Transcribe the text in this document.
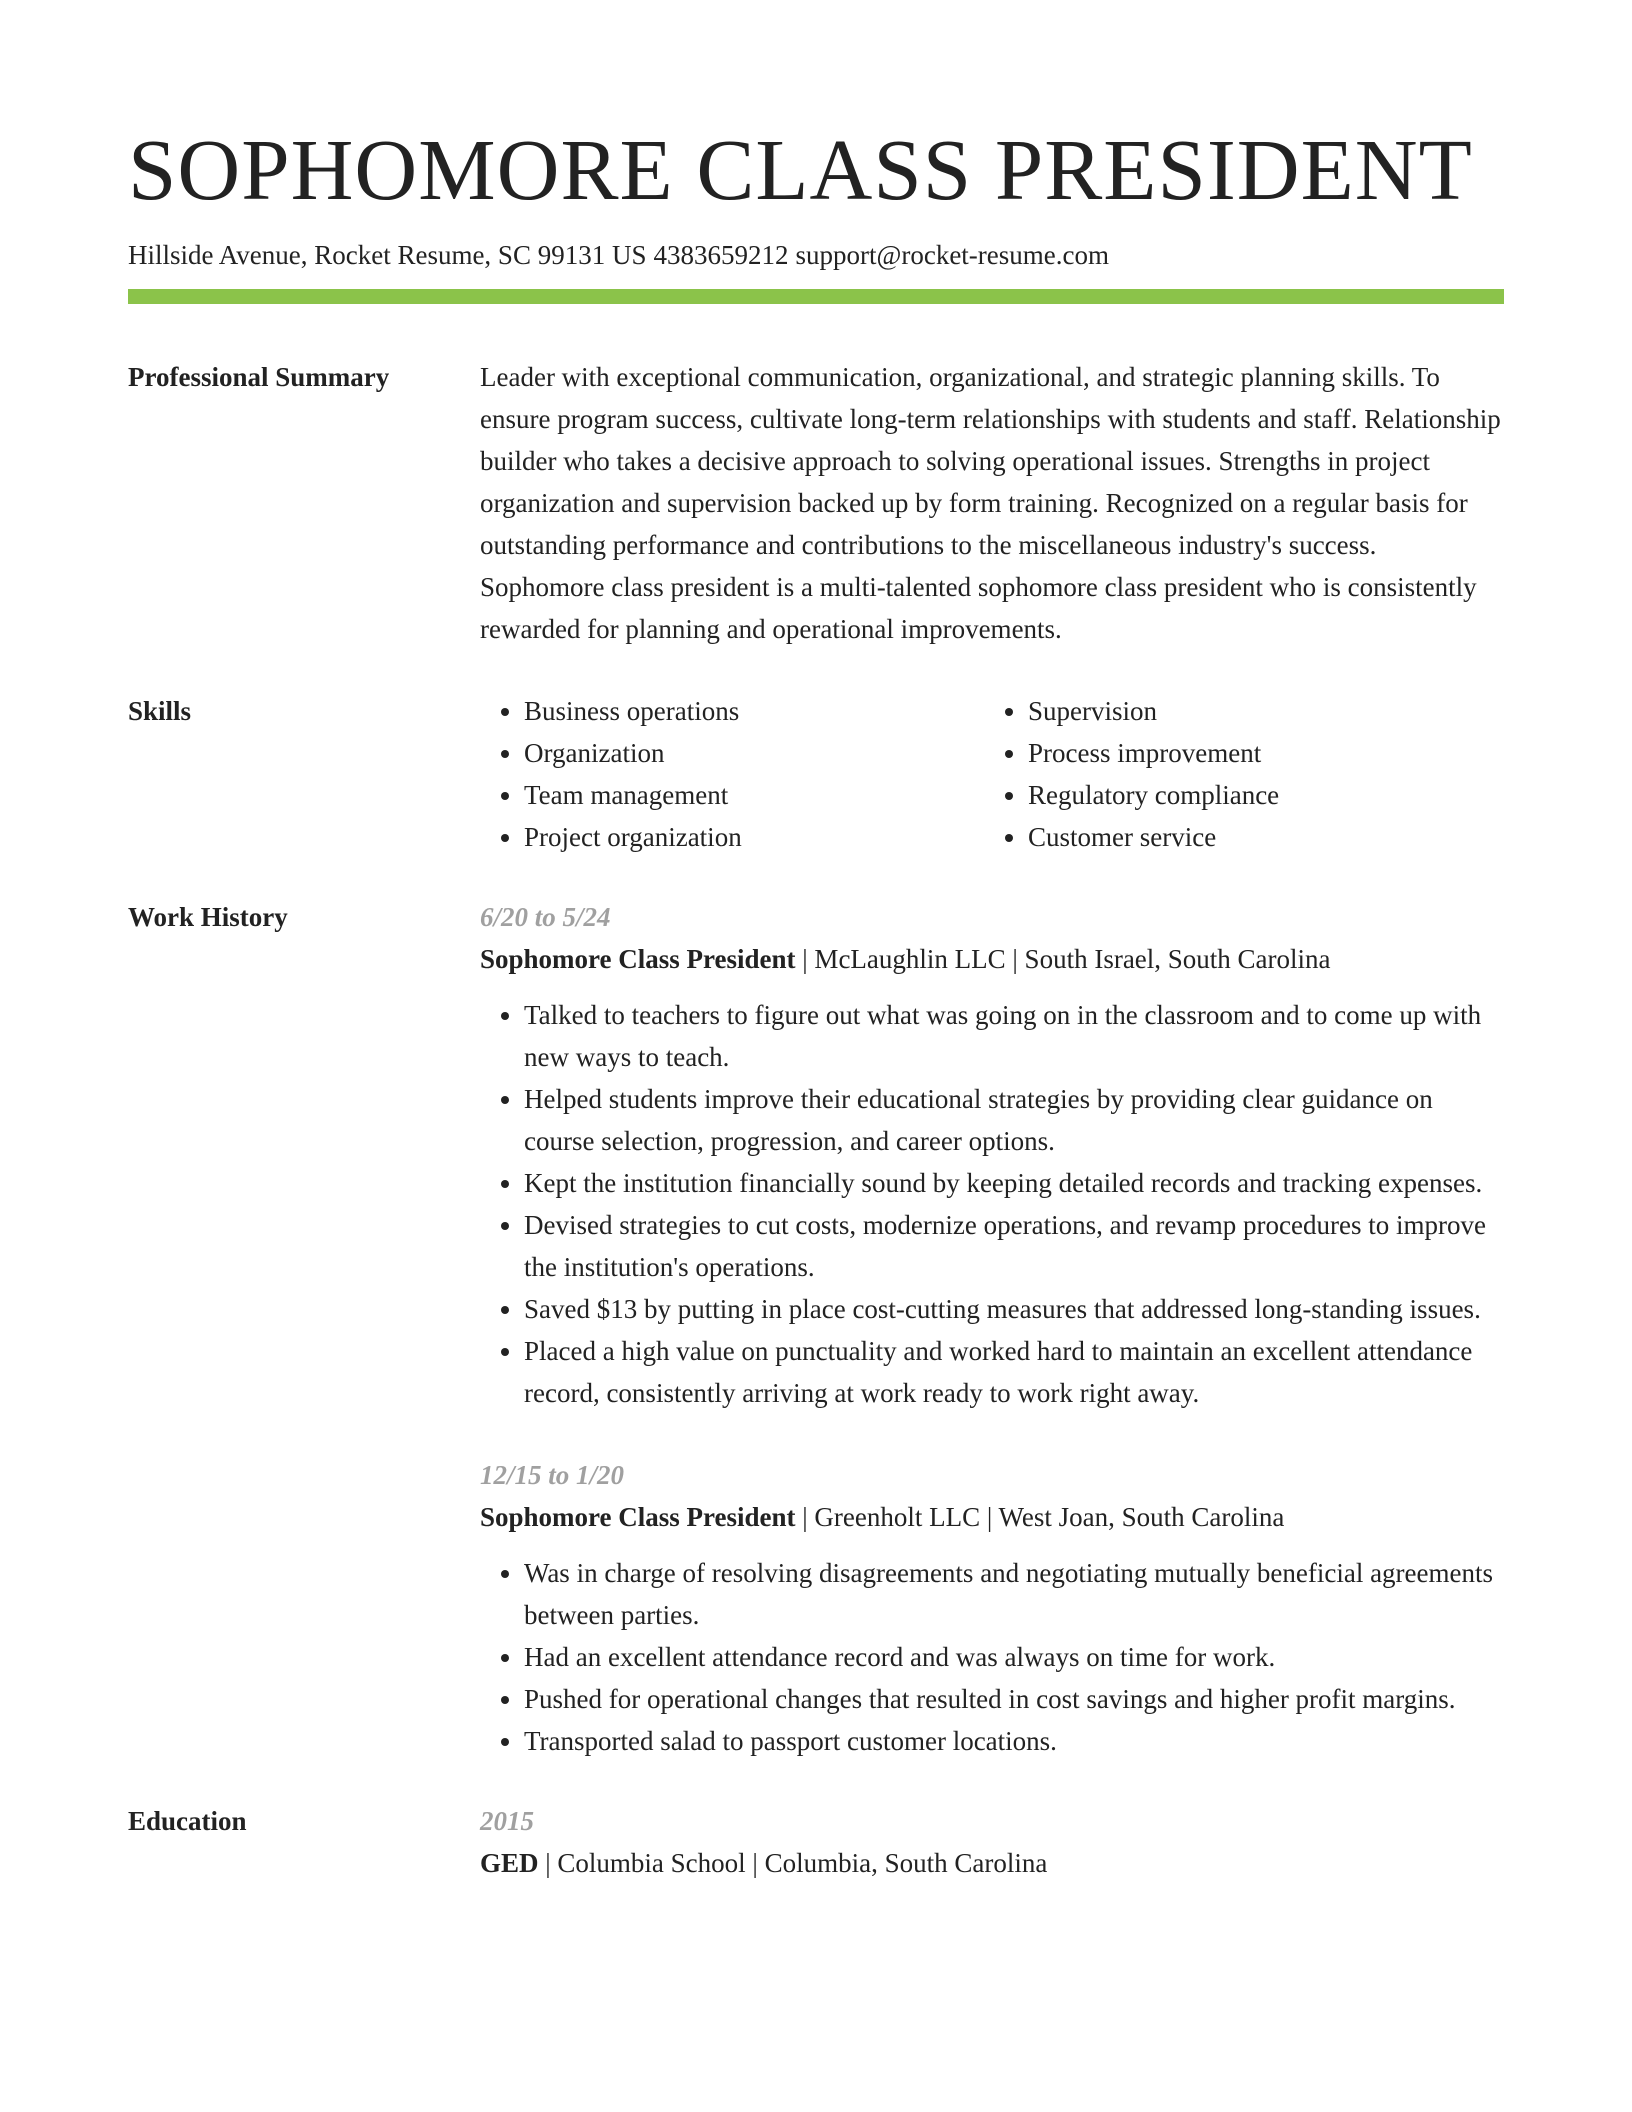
SOPHOMORE CLASS PRESIDENT
Hillside Avenue, Rocket Resume, SC 99131 US 4383659212 support@rocket-resume.com
Professional Summary	Leader with exceptional communication, organizational, and strategic planning skills. To ensure program success, cultivate long-term relationships with students and staff. Relationship builder who takes a decisive approach to solving operational issues. Strengths in project organization and supervision backed up by form training. Recognized on a regular basis for outstanding performance and contributions to the miscellaneous industry's success. Sophomore class president is a multi-talented sophomore class president who is consistently rewarded for planning and operational improvements.

Skills
•	Business operations
• Organization
• Team management
• Project organization
• Supervision
• Process improvement
• Regulatory compliance
• Customer service
Work History	6/20 to 5/24

Sophomore Class President | McLaughlin LLC | South Israel, South Carolina

• Talked to teachers to figure out what was going on in the classroom and to come up with new ways to teach.
• Helped students improve their educational strategies by providing clear guidance on course selection, progression, and career options.
• Kept the institution financially sound by keeping detailed records and tracking expenses.
• Devised strategies to cut costs, modernize operations, and revamp procedures to improve the institution's operations.
• Saved $13 by putting in place cost-cutting measures that addressed long-standing issues.
• Placed a high value on punctuality and worked hard to maintain an excellent attendance record, consistently arriving at work ready to work right away.
12/15 to 1/20

Sophomore Class President | Greenholt LLC | West Joan, South Carolina

• Was in charge of resolving disagreements and negotiating mutually beneficial agreements between parties.
• Had an excellent attendance record and was always on time for work.
• Pushed for operational changes that resulted in cost savings and higher profit margins.
• Transported salad to passport customer locations.
Education	2015

GED | Columbia School | Columbia, South Carolina
